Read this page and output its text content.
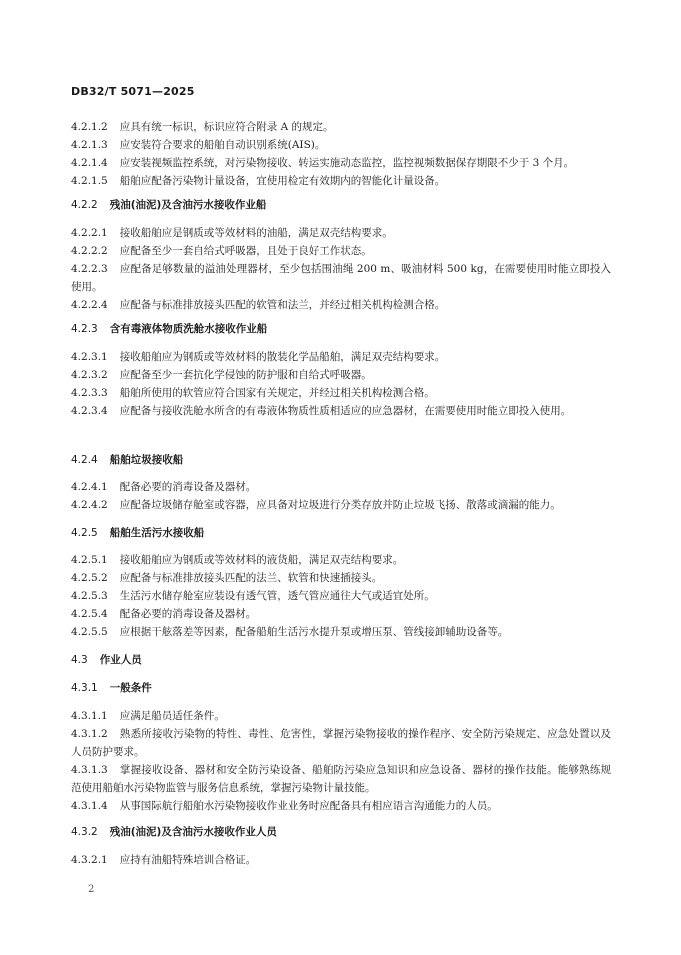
DB32/T 5071—2025

4.2.1.2 应具有统一标识，标识应符合附录 A 的规定。

4.2.1.3 应安装符合要求的船舶自动识别系统(AIS)。

4.2.1.4 应安装视频监控系统，对污染物接收、转运实施动态监控，监控视频数据保存期限不少于 3 个月。

4.2.1.5 船舶应配备污染物计量设备，宜使用检定有效期内的智能化计量设备。

4.2.2 残油(油泥)及含油污水接收作业船

4.2.2.1 接收船舶应是钢质或等效材料的油船，满足双壳结构要求。

4.2.2.2 应配备至少一套自给式呼吸器，且处于良好工作状态。

4.2.2.3 应配备足够数量的溢油处理器材，至少包括围油绳 200 m、吸油材料 500 kg，在需要使用时能立即投入使用。

4.2.2.4 应配备与标准排放接头匹配的软管和法兰，并经过相关机构检测合格。

4.2.3 含有毒液体物质洗舱水接收作业船

4.2.3.1 接收船舶应为钢质或等效材料的散装化学品船舶，满足双壳结构要求。

4.2.3.2 应配备至少一套抗化学侵蚀的防护服和自给式呼吸器。

4.2.3.3 船舶所使用的软管应符合国家有关规定，并经过相关机构检测合格。

4.2.3.4 应配备与接收洗舱水所含的有毒液体物质性质相适应的应急器材，在需要使用时能立即投入使用。

4.2.4 船舶垃圾接收船

4.2.4.1 配备必要的消毒设备及器材。

4.2.4.2 应配备垃圾储存舱室或容器，应具备对垃圾进行分类存放并防止垃圾飞扬、散落或滴漏的能力。

4.2.5 船舶生活污水接收船

4.2.5.1 接收船舶应为钢质或等效材料的液货船，满足双壳结构要求。

4.2.5.2 应配备与标准排放接头匹配的法兰、软管和快速插接头。

4.2.5.3 生活污水储存舱室应装设有透气管，透气管应通往大气或适宜处所。

4.2.5.4 配备必要的消毒设备及器材。

4.2.5.5 应根据干舷落差等因素，配备船舶生活污水提升泵或增压泵、管线接卸辅助设备等。

4.3 作业人员

4.3.1 一般条件

4.3.1.1 应满足船员适任条件。

4.3.1.2 熟悉所接收污染物的特性、毒性、危害性，掌握污染物接收的操作程序、安全防污染规定、应急处置以及人员防护要求。

4.3.1.3 掌握接收设备、器材和安全防污染设备、船舶防污染应急知识和应急设备、器材的操作技能。能够熟练规范使用船舶水污染物监管与服务信息系统，掌握污染物计量技能。

4.3.1.4 从事国际航行船舶水污染物接收作业业务时应配备具有相应语言沟通能力的人员。

4.3.2 残油(油泥)及含油污水接收作业人员

4.3.2.1 应持有油船特殊培训合格证。

2
